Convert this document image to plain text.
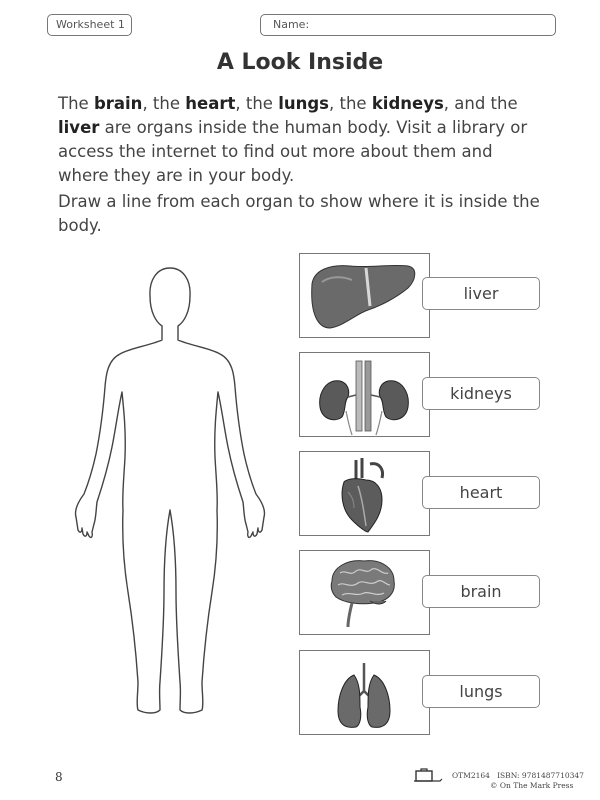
Worksheet 1	Name:
A Look Inside

The brain, the heart, the lungs, the kidneys, and the liver are organs inside the human body. Visit a library or access the internet to find out more about them and where they are in your body.

Draw a line from each organ to show where it is inside the body.

liver
kidneys
heart
brain
lungs
8	OTM2164 ISBN: 9781487710347
© On The Mark Press
